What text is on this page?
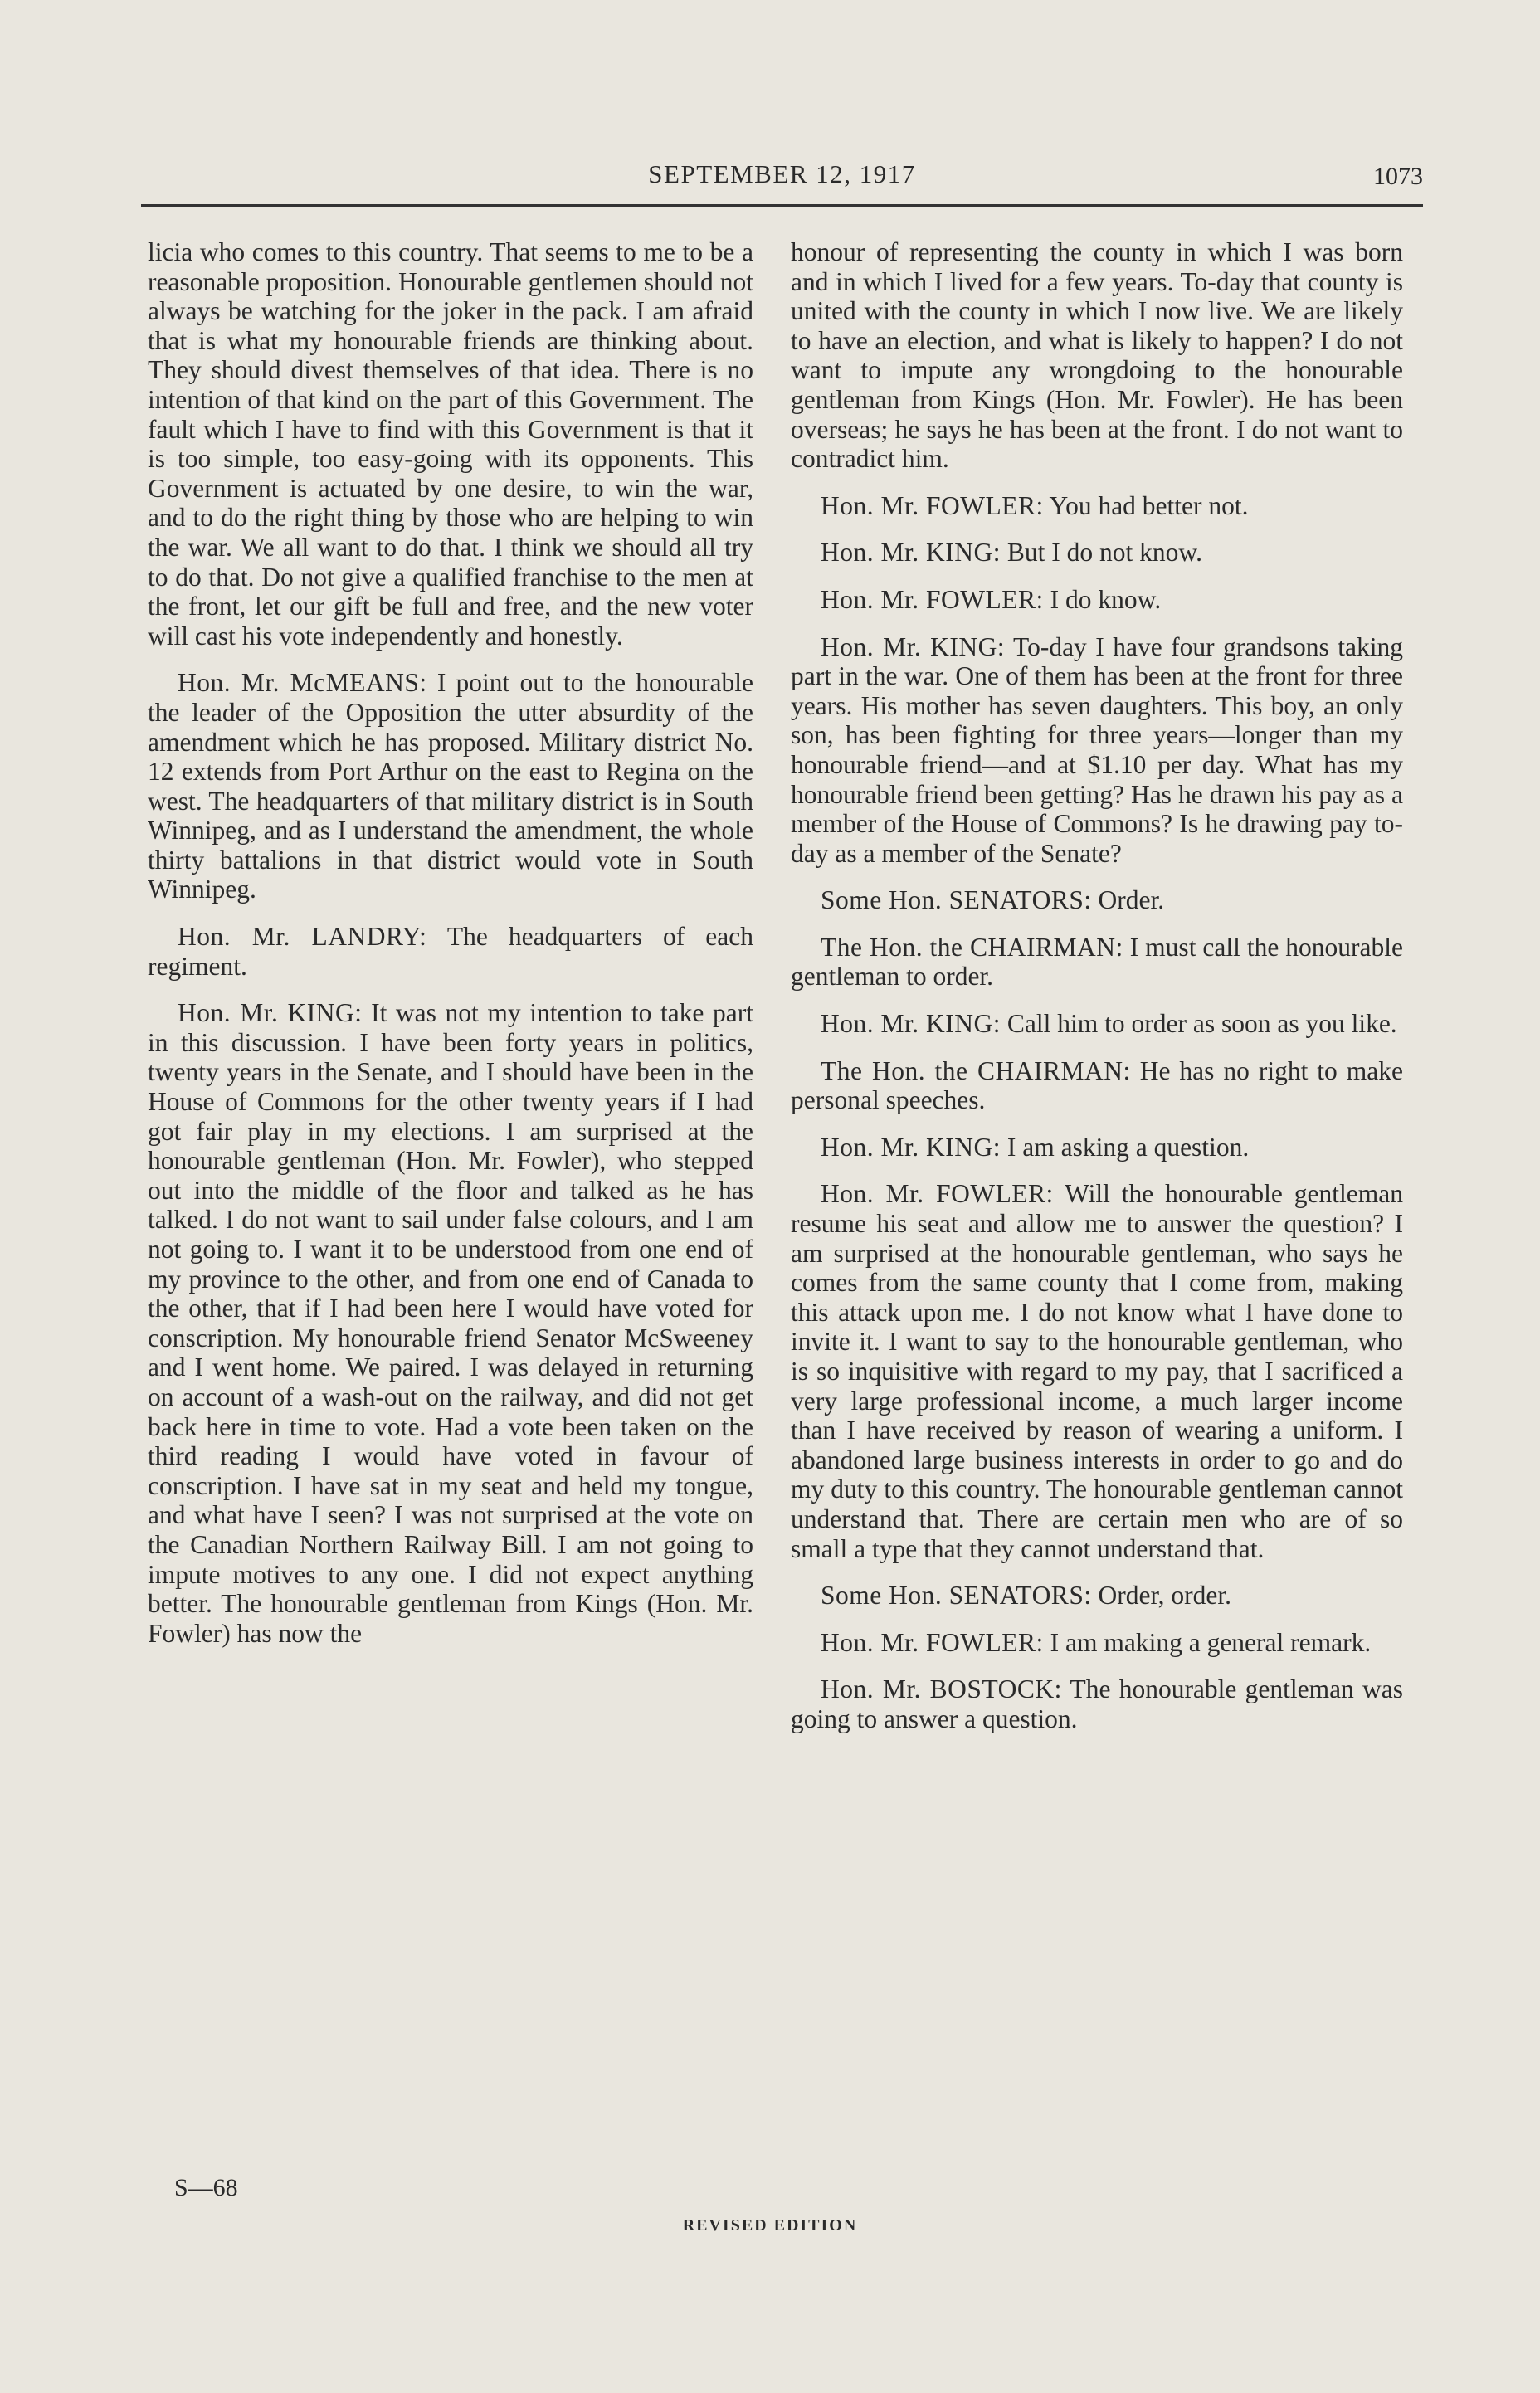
SEPTEMBER 12, 1917	1073

licia who comes to this country. That seems to me to be a reasonable proposition. Honourable gentlemen should not always be watching for the joker in the pack. I am afraid that is what my honourable friends are thinking about. They should divest themselves of that idea. There is no intention of that kind on the part of this Government. The fault which I have to find with this Government is that it is too simple, too easy-going with its opponents. This Government is actuated by one desire, to win the war, and to do the right thing by those who are helping to win the war. We all want to do that. I think we should all try to do that. Do not give a qualified franchise to the men at the front, let our gift be full and free, and the new voter will cast his vote independently and honestly.

Hon. Mr. McMEANS: I point out to the honourable the leader of the Opposition the utter absurdity of the amendment which he has proposed. Military district No. 12 extends from Port Arthur on the east to Regina on the west. The headquarters of that military district is in South Winnipeg, and as I understand the amendment, the whole thirty battalions in that district would vote in South Winnipeg.

Hon. Mr. LANDRY: The headquarters of each regiment.

Hon. Mr. KING: It was not my intention to take part in this discussion. I have been forty years in politics, twenty years in the Senate, and I should have been in the House of Commons for the other twenty years if I had got fair play in my elections. I am surprised at the honourable gentleman (Hon. Mr. Fowler), who stepped out into the middle of the floor and talked as he has talked. I do not want to sail under false colours, and I am not going to. I want it to be understood from one end of my province to the other, and from one end of Canada to the other, that if I had been here I would have voted for conscription. My honourable friend Senator McSweeney and I went home. We paired. I was delayed in returning on account of a wash-out on the railway, and did not get back here in time to vote. Had a vote been taken on the third reading I would have voted in favour of conscription. I have sat in my seat and held my tongue, and what have I seen? I was not surprised at the vote on the Canadian Northern Railway Bill. I am not going to impute motives to any one. I did not expect anything better. The honourable gentleman from Kings (Hon. Mr. Fowler) has now the

honour of representing the county in which I was born and in which I lived for a few years. To-day that county is united with the county in which I now live. We are likely to have an election, and what is likely to happen? I do not want to impute any wrongdoing to the honourable gentleman from Kings (Hon. Mr. Fowler). He has been overseas; he says he has been at the front. I do not want to contradict him.

Hon. Mr. FOWLER: You had better not.

Hon. Mr. KING: But I do not know.

Hon. Mr. FOWLER: I do know.

Hon. Mr. KING: To-day I have four grandsons taking part in the war. One of them has been at the front for three years. His mother has seven daughters. This boy, an only son, has been fighting for three years—longer than my honourable friend—and at $1.10 per day. What has my honourable friend been getting? Has he drawn his pay as a member of the House of Commons? Is he drawing pay to-day as a member of the Senate?

Some Hon. SENATORS: Order.

The Hon. the CHAIRMAN: I must call the honourable gentleman to order.

Hon. Mr. KING: Call him to order as soon as you like.

The Hon. the CHAIRMAN: He has no right to make personal speeches.

Hon. Mr. KING: I am asking a question.

Hon. Mr. FOWLER: Will the honourable gentleman resume his seat and allow me to answer the question? I am surprised at the honourable gentleman, who says he comes from the same county that I come from, making this attack upon me. I do not know what I have done to invite it. I want to say to the honourable gentleman, who is so inquisitive with regard to my pay, that I sacrificed a very large professional income, a much larger income than I have received by reason of wearing a uniform. I abandoned large business interests in order to go and do my duty to this country. The honourable gentleman cannot understand that. There are certain men who are of so small a type that they cannot understand that.

Some Hon. SENATORS: Order, order.

Hon. Mr. FOWLER: I am making a general remark.

Hon. Mr. BOSTOCK: The honourable gentleman was going to answer a question.

S—68
REVISED EDITION
